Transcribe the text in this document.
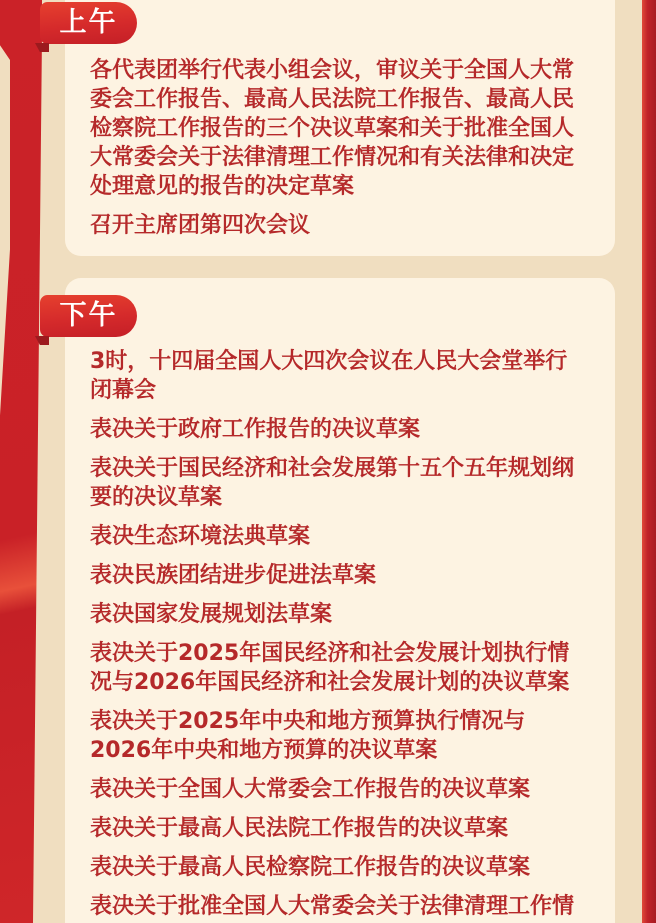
各代表团举行代表小组会议，审议关于全国人大常委会工作报告、最高人民法院工作报告、最高人民检察院工作报告的三个决议草案和关于批准全国人大常委会关于法律清理工作情况和有关法律和决定处理意见的报告的决定草案
召开主席团第四次会议
上午
3时，十四届全国人大四次会议在人民大会堂举行闭幕会
表决关于政府工作报告的决议草案
表决关于国民经济和社会发展第十五个五年规划纲要的决议草案
表决生态环境法典草案
表决民族团结进步促进法草案
表决国家发展规划法草案
表决关于2025年国民经济和社会发展计划执行情况与2026年国民经济和社会发展计划的决议草案
表决关于2025年中央和地方预算执行情况与2026年中央和地方预算的决议草案
表决关于全国人大常委会工作报告的决议草案
表决关于最高人民法院工作报告的决议草案
表决关于最高人民检察院工作报告的决议草案
表决关于批准全国人大常委会关于法律清理工作情
下午
